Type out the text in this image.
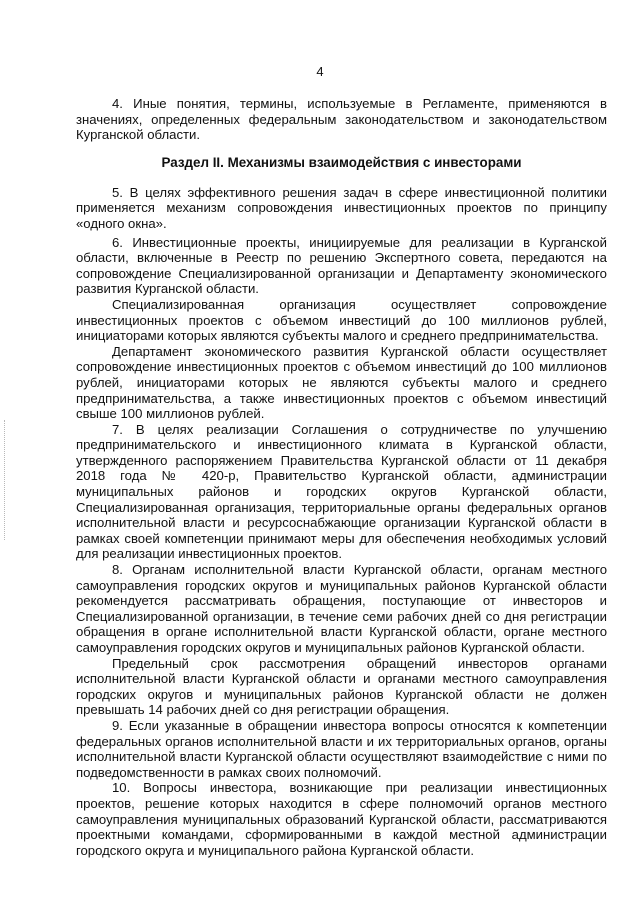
4

4. Иные понятия, термины, используемые в Регламенте, применяются в значениях, определенных федеральным законодательством и законодательством Курганской области.

Раздел II. Механизмы взаимодействия с инвесторами

5. В целях эффективного решения задач в сфере инвестиционной политики применяется механизм сопровождения инвестиционных проектов по принципу «одного окна».

6. Инвестиционные проекты, инициируемые для реализации в Курганской области, включенные в Реестр по решению Экспертного совета, передаются на сопровождение Специализированной организации и Департаменту экономического развития Курганской области.

Специализированная организация осуществляет сопровождение инвестиционных проектов с объемом инвестиций до 100 миллионов рублей, инициаторами которых являются субъекты малого и среднего предпринимательства.

Департамент экономического развития Курганской области осуществляет сопровождение инвестиционных проектов с объемом инвестиций до 100 миллионов рублей, инициаторами которых не являются субъекты малого и среднего предпринимательства, а также инвестиционных проектов с объемом инвестиций свыше 100 миллионов рублей.

7. В целях реализации Соглашения о сотрудничестве по улучшению предпринимательского и инвестиционного климата в Курганской области, утвержденного распоряжением Правительства Курганской области от 11 декабря 2018 года № 420-р, Правительство Курганской области, администрации муниципальных районов и городских округов Курганской области, Специализированная организация, территориальные органы федеральных органов исполнительной власти и ресурсоснабжающие организации Курганской области в рамках своей компетенции принимают меры для обеспечения необходимых условий для реализации инвестиционных проектов.

8. Органам исполнительной власти Курганской области, органам местного самоуправления городских округов и муниципальных районов Курганской области рекомендуется рассматривать обращения, поступающие от инвесторов и Специализированной организации, в течение семи рабочих дней со дня регистрации обращения в органе исполнительной власти Курганской области, органе местного самоуправления городских округов и муниципальных районов Курганской области.

Предельный срок рассмотрения обращений инвесторов органами исполнительной власти Курганской области и органами местного самоуправления городских округов и муниципальных районов Курганской области не должен превышать 14 рабочих дней со дня регистрации обращения.

9. Если указанные в обращении инвестора вопросы относятся к компетенции федеральных органов исполнительной власти и их территориальных органов, органы исполнительной власти Курганской области осуществляют взаимодействие с ними по подведомственности в рамках своих полномочий.

10. Вопросы инвестора, возникающие при реализации инвестиционных проектов, решение которых находится в сфере полномочий органов местного самоуправления муниципальных образований Курганской области, рассматриваются проектными командами, сформированными в каждой местной администрации городского округа и муниципального района Курганской области.
